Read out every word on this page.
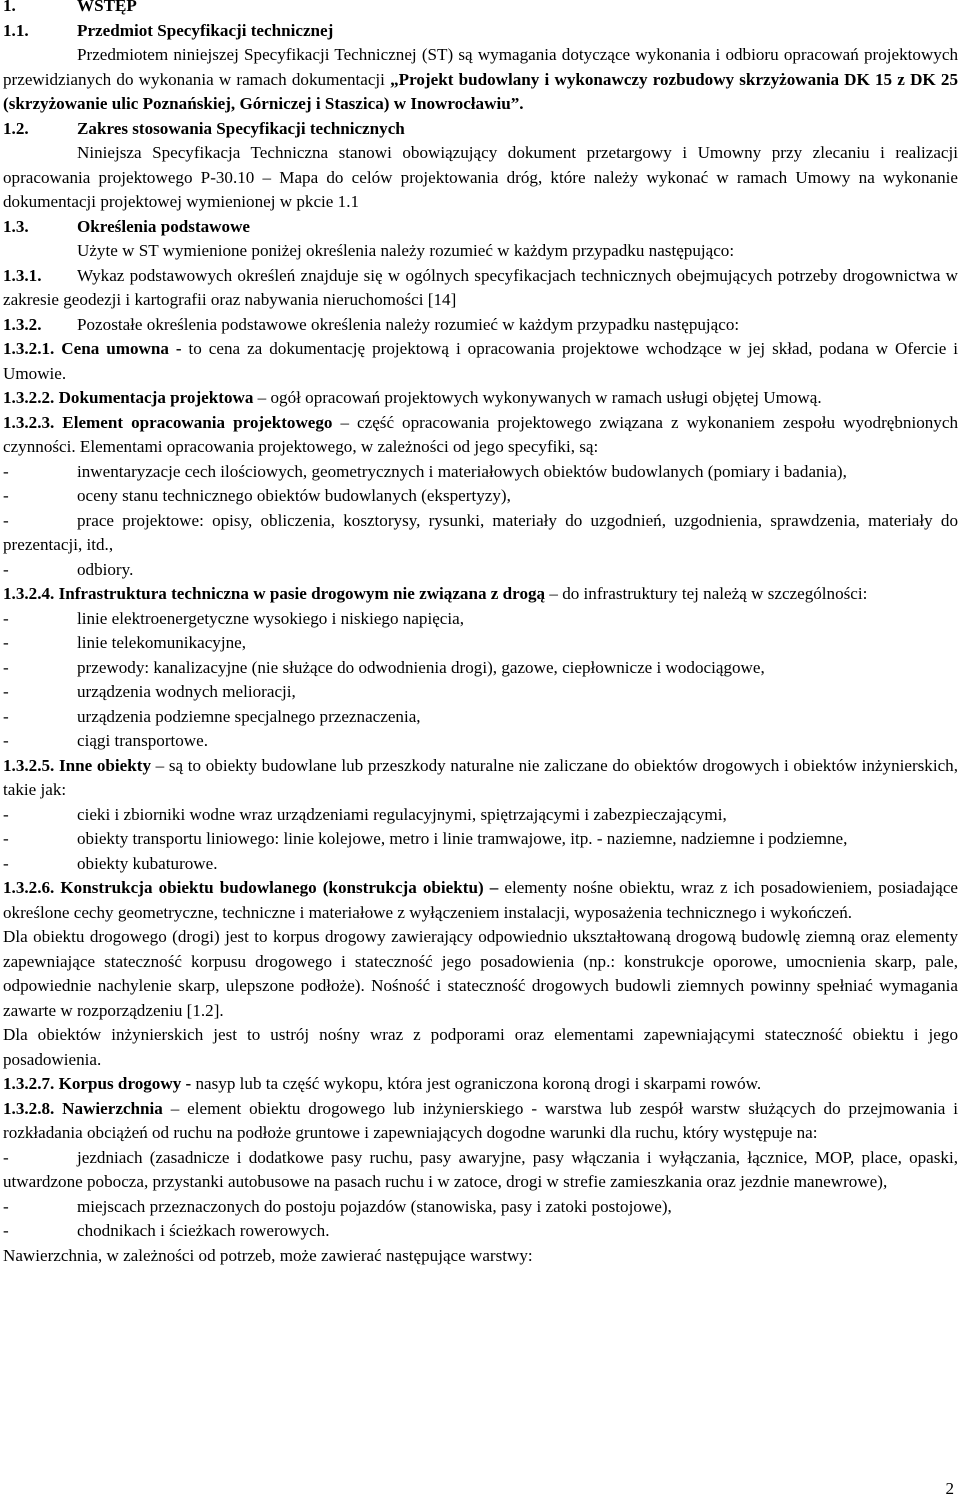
1.	WSTĘP
1.1.	Przedmiot Specyfikacji technicznej

Przedmiotem niniejszej Specyfikacji Technicznej (ST) są wymagania dotyczące wykonania i odbioru opracowań projektowych przewidzianych do wykonania w ramach dokumentacji „Projekt budowlany i wykonawczy rozbudowy skrzyżowania DK 15 z DK 25 (skrzyżowanie ulic Poznańskiej, Górniczej i Staszica) w Inowrocławiu”.

1.2.	Zakres stosowania Specyfikacji technicznych

Niniejsza Specyfikacja Techniczna stanowi obowiązujący dokument przetargowy i Umowny przy zlecaniu i realizacji opracowania projektowego P-30.10 – Mapa do celów projektowania dróg, które należy wykonać w ramach Umowy na wykonanie dokumentacji projektowej wymienionej w pkcie 1.1

1.3.	Określenia podstawowe

Użyte w ST wymienione poniżej określenia należy rozumieć w każdym przypadku następująco:

1.3.1. Wykaz podstawowych określeń znajduje się w ogólnych specyfikacjach technicznych obejmujących potrzeby drogownictwa w zakresie geodezji i kartografii oraz nabywania nieruchomości [14]

1.3.2. Pozostałe określenia podstawowe określenia należy rozumieć w każdym przypadku następująco:

1.3.2.1. Cena umowna - to cena za dokumentację projektową i opracowania projektowe wchodzące w jej skład, podana w Ofercie i Umowie.

1.3.2.2. Dokumentacja projektowa – ogół opracowań projektowych wykonywanych w ramach usługi objętej Umową.

1.3.2.3. Element opracowania projektowego – część opracowania projektowego związana z wykonaniem zespołu wyodrębnionych czynności. Elementami opracowania projektowego, w zależności od jego specyfiki, są:

-	inwentaryzacje cech ilościowych, geometrycznych i materiałowych obiektów budowlanych (pomiary i badania),
-	oceny stanu technicznego obiektów budowlanych (ekspertyzy),

-	prace projektowe: opisy, obliczenia, kosztorysy, rysunki, materiały do uzgodnień, uzgodnienia, sprawdzenia, materiały do prezentacji, itd.,

-	odbiory.

1.3.2.4. Infrastruktura techniczna w pasie drogowym nie związana z drogą – do infrastruktury tej należą w szczególności:

-	linie elektroenergetyczne wysokiego i niskiego napięcia,
-	linie telekomunikacyjne,
-	przewody: kanalizacyjne (nie służące do odwodnienia drogi), gazowe, ciepłownicze i wodociągowe,
-	urządzenia wodnych melioracji,
-	urządzenia podziemne specjalnego przeznaczenia,
-	ciągi transportowe.

1.3.2.5. Inne obiekty – są to obiekty budowlane lub przeszkody naturalne nie zaliczane do obiektów drogowych i obiektów inżynierskich, takie jak:

-	cieki i zbiorniki wodne wraz urządzeniami regulacyjnymi, spiętrzającymi i zabezpieczającymi,

-	obiekty transportu liniowego: linie kolejowe, metro i linie tramwajowe, itp. - naziemne, nadziemne i podziemne,

-	obiekty kubaturowe.

1.3.2.6. Konstrukcja obiektu budowlanego (konstrukcja obiektu) – elementy nośne obiektu, wraz z ich posadowieniem, posiadające określone cechy geometryczne, techniczne i materiałowe z wyłączeniem instalacji, wyposażenia technicznego i wykończeń.

Dla obiektu drogowego (drogi) jest to korpus drogowy zawierający odpowiednio ukształtowaną drogową budowlę ziemną oraz elementy zapewniające stateczność korpusu drogowego i stateczność jego posadowienia (np.: konstrukcje oporowe, umocnienia skarp, pale, odpowiednie nachylenie skarp, ulepszone podłoże). Nośność i stateczność drogowych budowli ziemnych powinny spełniać wymagania zawarte w rozporządzeniu [1.2].

Dla obiektów inżynierskich jest to ustrój nośny wraz z podporami oraz elementami zapewniającymi stateczność obiektu i jego posadowienia.

1.3.2.7. Korpus drogowy - nasyp lub ta część wykopu, która jest ograniczona koroną drogi i skarpami rowów.

1.3.2.8. Nawierzchnia – element obiektu drogowego lub inżynierskiego - warstwa lub zespół warstw służących do przejmowania i rozkładania obciążeń od ruchu na podłoże gruntowe i zapewniających dogodne warunki dla ruchu, który występuje na:

-	jezdniach (zasadnicze i dodatkowe pasy ruchu, pasy awaryjne, pasy włączania i wyłączania, łącznice, MOP, place, opaski, utwardzone pobocza, przystanki autobusowe na pasach ruchu i w zatoce, drogi w strefie zamieszkania oraz jezdnie manewrowe),

-	miejscach przeznaczonych do postoju pojazdów (stanowiska, pasy i zatoki postojowe),
-	chodnikach i ścieżkach rowerowych.

Nawierzchnia, w zależności od potrzeb, może zawierać następujące warstwy:

2
